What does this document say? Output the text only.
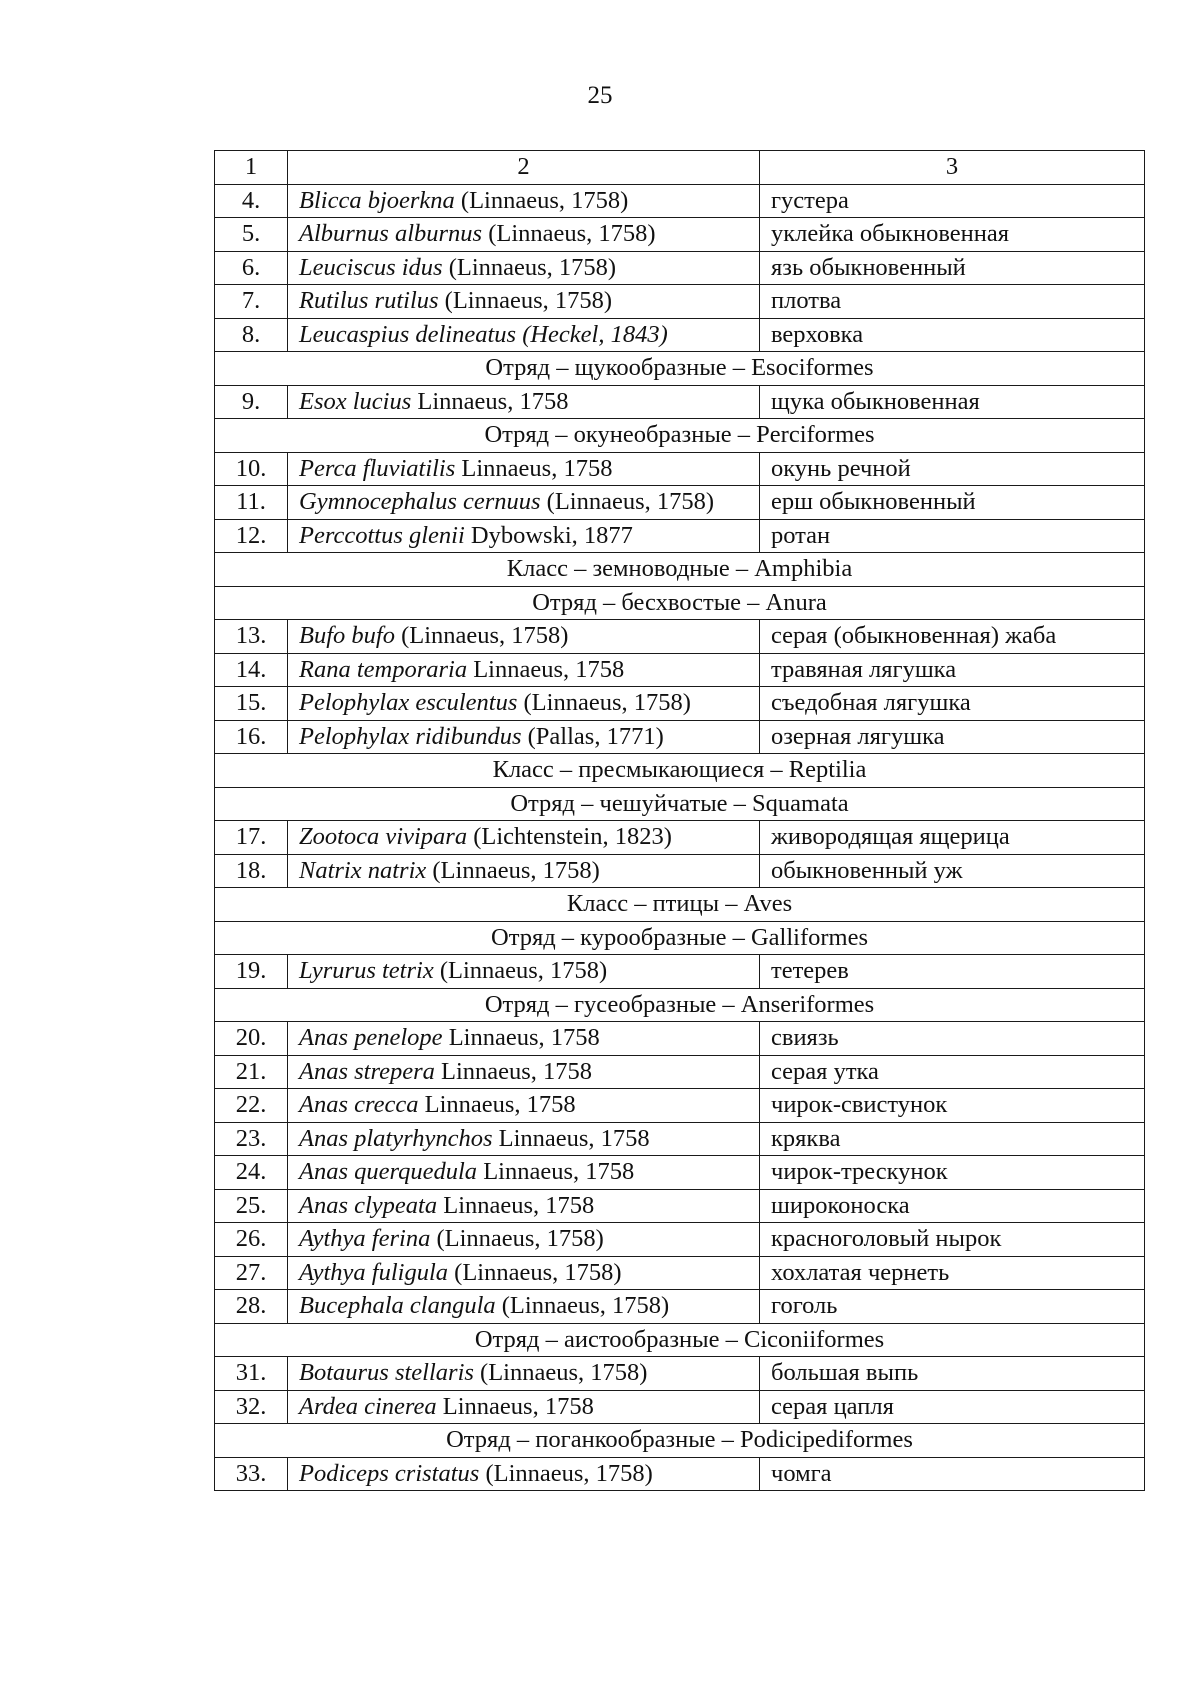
25
1	2	3
4.	Blicca bjoerkna (Linnaeus, 1758)	густера
5.	Alburnus alburnus (Linnaeus, 1758)	уклейка обыкновенная
6.	Leuciscus idus (Linnaeus, 1758)	язь обыкновенный
7.	Rutilus rutilus (Linnaeus, 1758)	плотва
8.	Leucaspius delineatus (Heckel, 1843)	верховка
Отряд – щукообразные – Esociformes		
9.	Esox lucius Linnaeus, 1758	щука обыкновенная
Отряд – окунеобразные – Perciformes		
10.	Perca fluviatilis Linnaeus, 1758	окунь речной
11.	Gymnocephalus cernuus (Linnaeus, 1758)	ерш обыкновенный
12.	Perccottus glenii Dybowski, 1877	ротан
Класс – земноводные – Amphibia		
Отряд – бесхвостые – Anura		
13.	Bufo bufo (Linnaeus, 1758)	серая (обыкновенная) жаба
14.	Rana temporaria Linnaeus, 1758	травяная лягушка
15.	Pelophylax esculentus (Linnaeus, 1758)	съедобная лягушка
16.	Pelophylax ridibundus (Pallas, 1771)	озерная лягушка
Класс – пресмыкающиеся – Reptilia		
Отряд – чешуйчатые – Squamata		
17.	Zootoca vivipara (Lichtenstein, 1823)	живородящая ящерица
18.	Natrix natrix (Linnaeus, 1758)	обыкновенный уж
Класс – птицы – Aves		
Отряд – курообразные – Galliformes		
19.	Lyrurus tetrix (Linnaeus, 1758)	тетерев
Отряд – гусеобразные – Anseriformes		
20.	Anas penelope Linnaeus, 1758	свиязь
21.	Anas strepera Linnaeus, 1758	серая утка
22.	Anas crecca Linnaeus, 1758	чирок-свистунок
23.	Anas platyrhynchos Linnaeus, 1758	кряква
24.	Anas querquedula Linnaeus, 1758	чирок-трескунок
25.	Anas clypeata Linnaeus, 1758	широконоска
26.	Aythya ferina (Linnaeus, 1758)	красноголовый нырок
27.	Aythya fuligula (Linnaeus, 1758)	хохлатая чернеть
28.	Bucephala clangula (Linnaeus, 1758)	гоголь
Отряд – аистообразные – Ciconiiformes		
31.	Botaurus stellaris (Linnaeus, 1758)	большая выпь
32.	Ardea cinerea Linnaeus, 1758	серая цапля
Отряд – поганкообразные – Podicipediformes		
33.	Podiceps cristatus (Linnaeus, 1758)	чомга
